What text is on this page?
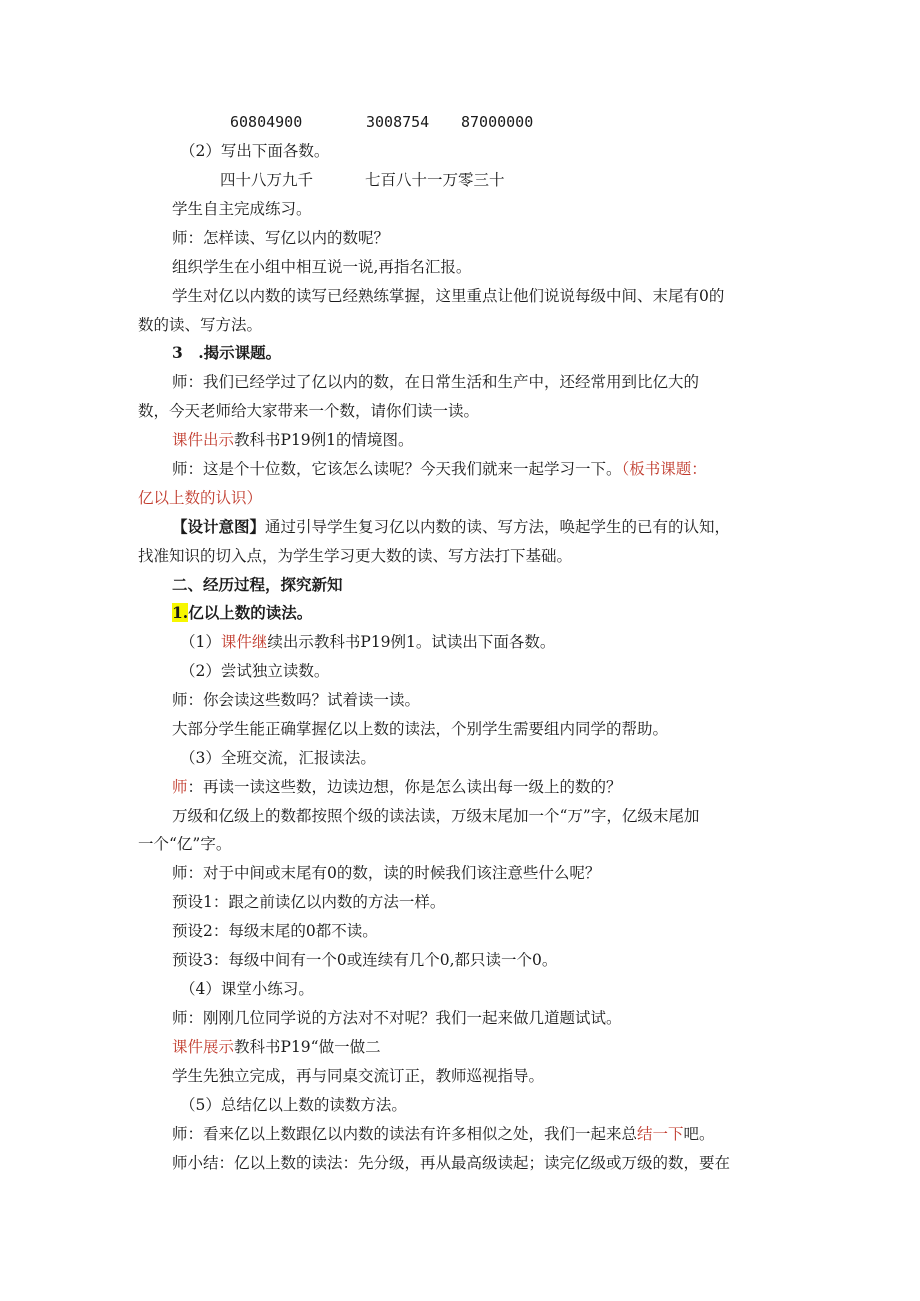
60804900	3008754 87000000
（2）写出下面各数。
四十八万九千	七百八十一万零三十
学生自主完成练习。
师：怎样读、写亿以内的数呢？
组织学生在小组中相互说一说,再指名汇报。
学生对亿以内数的读写已经熟练掌握，这里重点让他们说说每级中间、末尾有0的
数的读、写方法。
3　.揭示课题。
师：我们已经学过了亿以内的数，在日常生活和生产中，还经常用到比亿大的
数，今天老师给大家带来一个数，请你们读一读。
课件出示教科书P19例1的情境图。
师：这是个十位数，它该怎么读呢？今天我们就来一起学习一下。（板书课题：
亿以上数的认识）
【设计意图】通过引导学生复习亿以内数的读、写方法，唤起学生的已有的认知，
找准知识的切入点，为学生学习更大数的读、写方法打下基础。
二、经历过程，探究新知
1.亿以上数的读法。
（1）课件继续出示教科书P19例1。试读出下面各数。
（2）尝试独立读数。
师：你会读这些数吗？试着读一读。
大部分学生能正确掌握亿以上数的读法，个别学生需要组内同学的帮助。
（3）全班交流，汇报读法。
师：再读一读这些数，边读边想，你是怎么读出每一级上的数的？
万级和亿级上的数都按照个级的读法读，万级末尾加一个“万”字，亿级末尾加
一个“亿”字。
师：对于中间或末尾有0的数，读的时候我们该注意些什么呢？
预设1：跟之前读亿以内数的方法一样。
预设2：每级末尾的0都不读。
预设3：每级中间有一个0或连续有几个0,都只读一个0。
（4）课堂小练习。
师：刚刚几位同学说的方法对不对呢？我们一起来做几道题试试。
课件展示教科书P19“做一做二
学生先独立完成，再与同桌交流订正，教师巡视指导。
（5）总结亿以上数的读数方法。
师：看来亿以上数跟亿以内数的读法有许多相似之处，我们一起来总结一下吧。
师小结：亿以上数的读法：先分级，再从最高级读起；读完亿级或万级的数，要在
